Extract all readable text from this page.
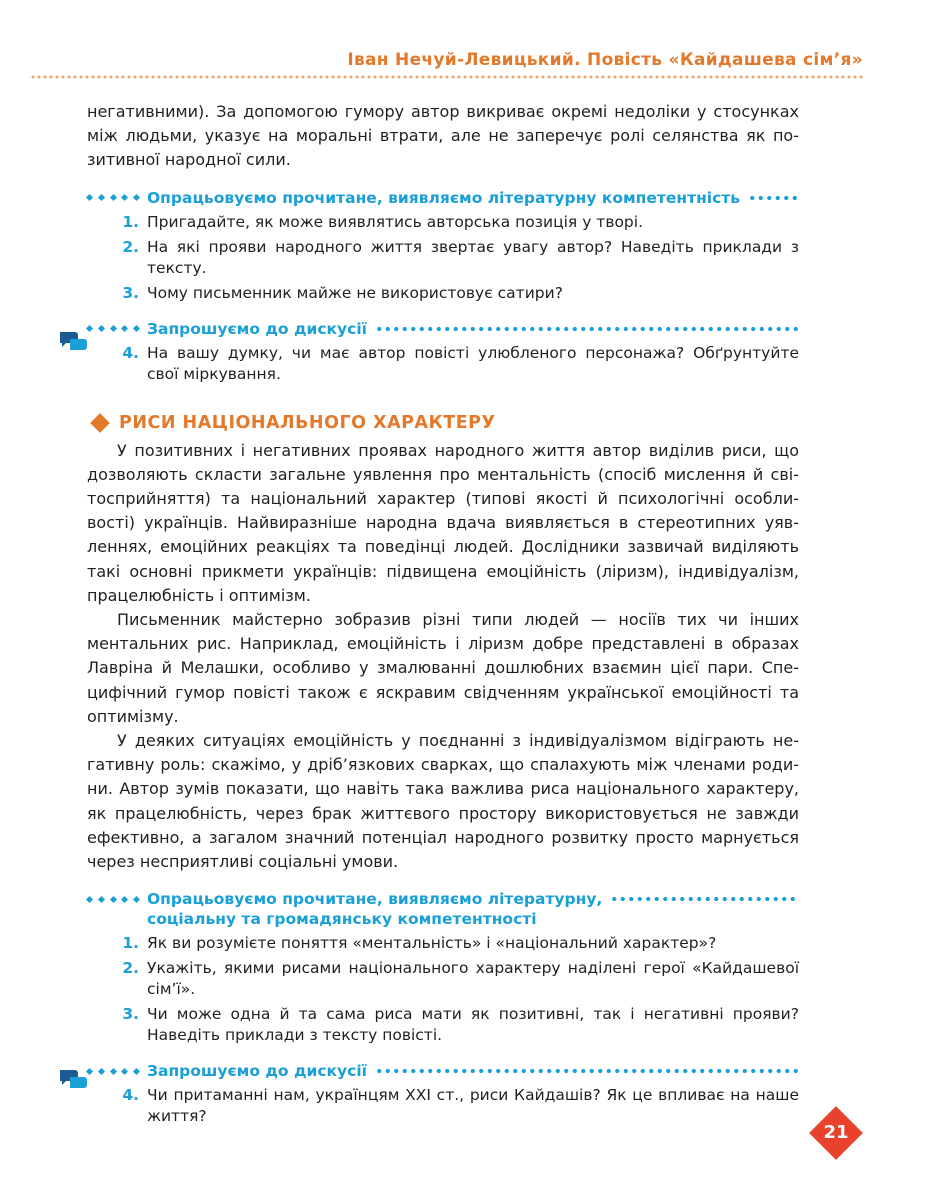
Іван Нечуй-Левицький. Повість «Кайдашева сім’я»

негативними). За допомогою гумору автор викриває окремі недоліки у стосунках між людьми, указує на моральні втрати, але не заперечує ролі селянства як позитивної народної сили.

Опрацьовуємо прочитане, виявляємо літературну компетентність
1. Пригадайте, як може виявлятись авторська позиція у творі.
2. На які прояви народного життя звертає увагу автор? Наведіть приклади з тексту.
3. Чому письменник майже не використовує сатири?
Запрошуємо до дискусії
4. На вашу думку, чи має автор повісті улюбленого персонажа? Обґрунтуйте свої міркування.
РИСИ НАЦІОНАЛЬНОГО ХАРАКТЕРУ

У позитивних і негативних проявах народного життя автор виділив риси, що дозволяють скласти загальне уявлення про ментальність (спосіб мислення й світосприйняття) та національний характер (типові якості й психологічні особливості) українців. Найвиразніше народна вдача виявляється в стереотипних уявленнях, емоційних реакціях та поведінці людей. Дослідники зазвичай виділяють такі основні прикмети українців: підвищена емоційність (ліризм), індивідуалізм, працелюбність і оптимізм.

Письменник майстерно зобразив різні типи людей — носіїв тих чи інших ментальних рис. Наприклад, емоційність і ліризм добре представлені в образах Лавріна й Мелашки, особливо у змалюванні дошлюбних взаємин цієї пари. Специфічний гумор повісті також є яскравим свідченням української емоційності та оптимізму.

У деяких ситуаціях емоційність у поєднанні з індивідуалізмом відіграють негативну роль: скажімо, у дріб’язкових сварках, що спалахують між членами родини. Автор зумів показати, що навіть така важлива риса національного характеру, як працелюбність, через брак життєвого простору використовується не завжди ефективно, а загалом значний потенціал народного розвитку просто марнується через несприятливі соціальні умови.

Опрацьовуємо прочитане, виявляємо літературну,
соціальну та громадянську компетентності
1. Як ви розумієте поняття «ментальність» і «національний характер»?
2. Укажіть, якими рисами національного характеру наділені герої «Кайдашевої сім’ї».
3. Чи може одна й та сама риса мати як позитивні, так і негативні прояви? Наведіть приклади з тексту повісті.
Запрошуємо до дискусії
4. Чи притаманні нам, українцям XXI ст., риси Кайдашів? Як це впливає на наше життя?
21
